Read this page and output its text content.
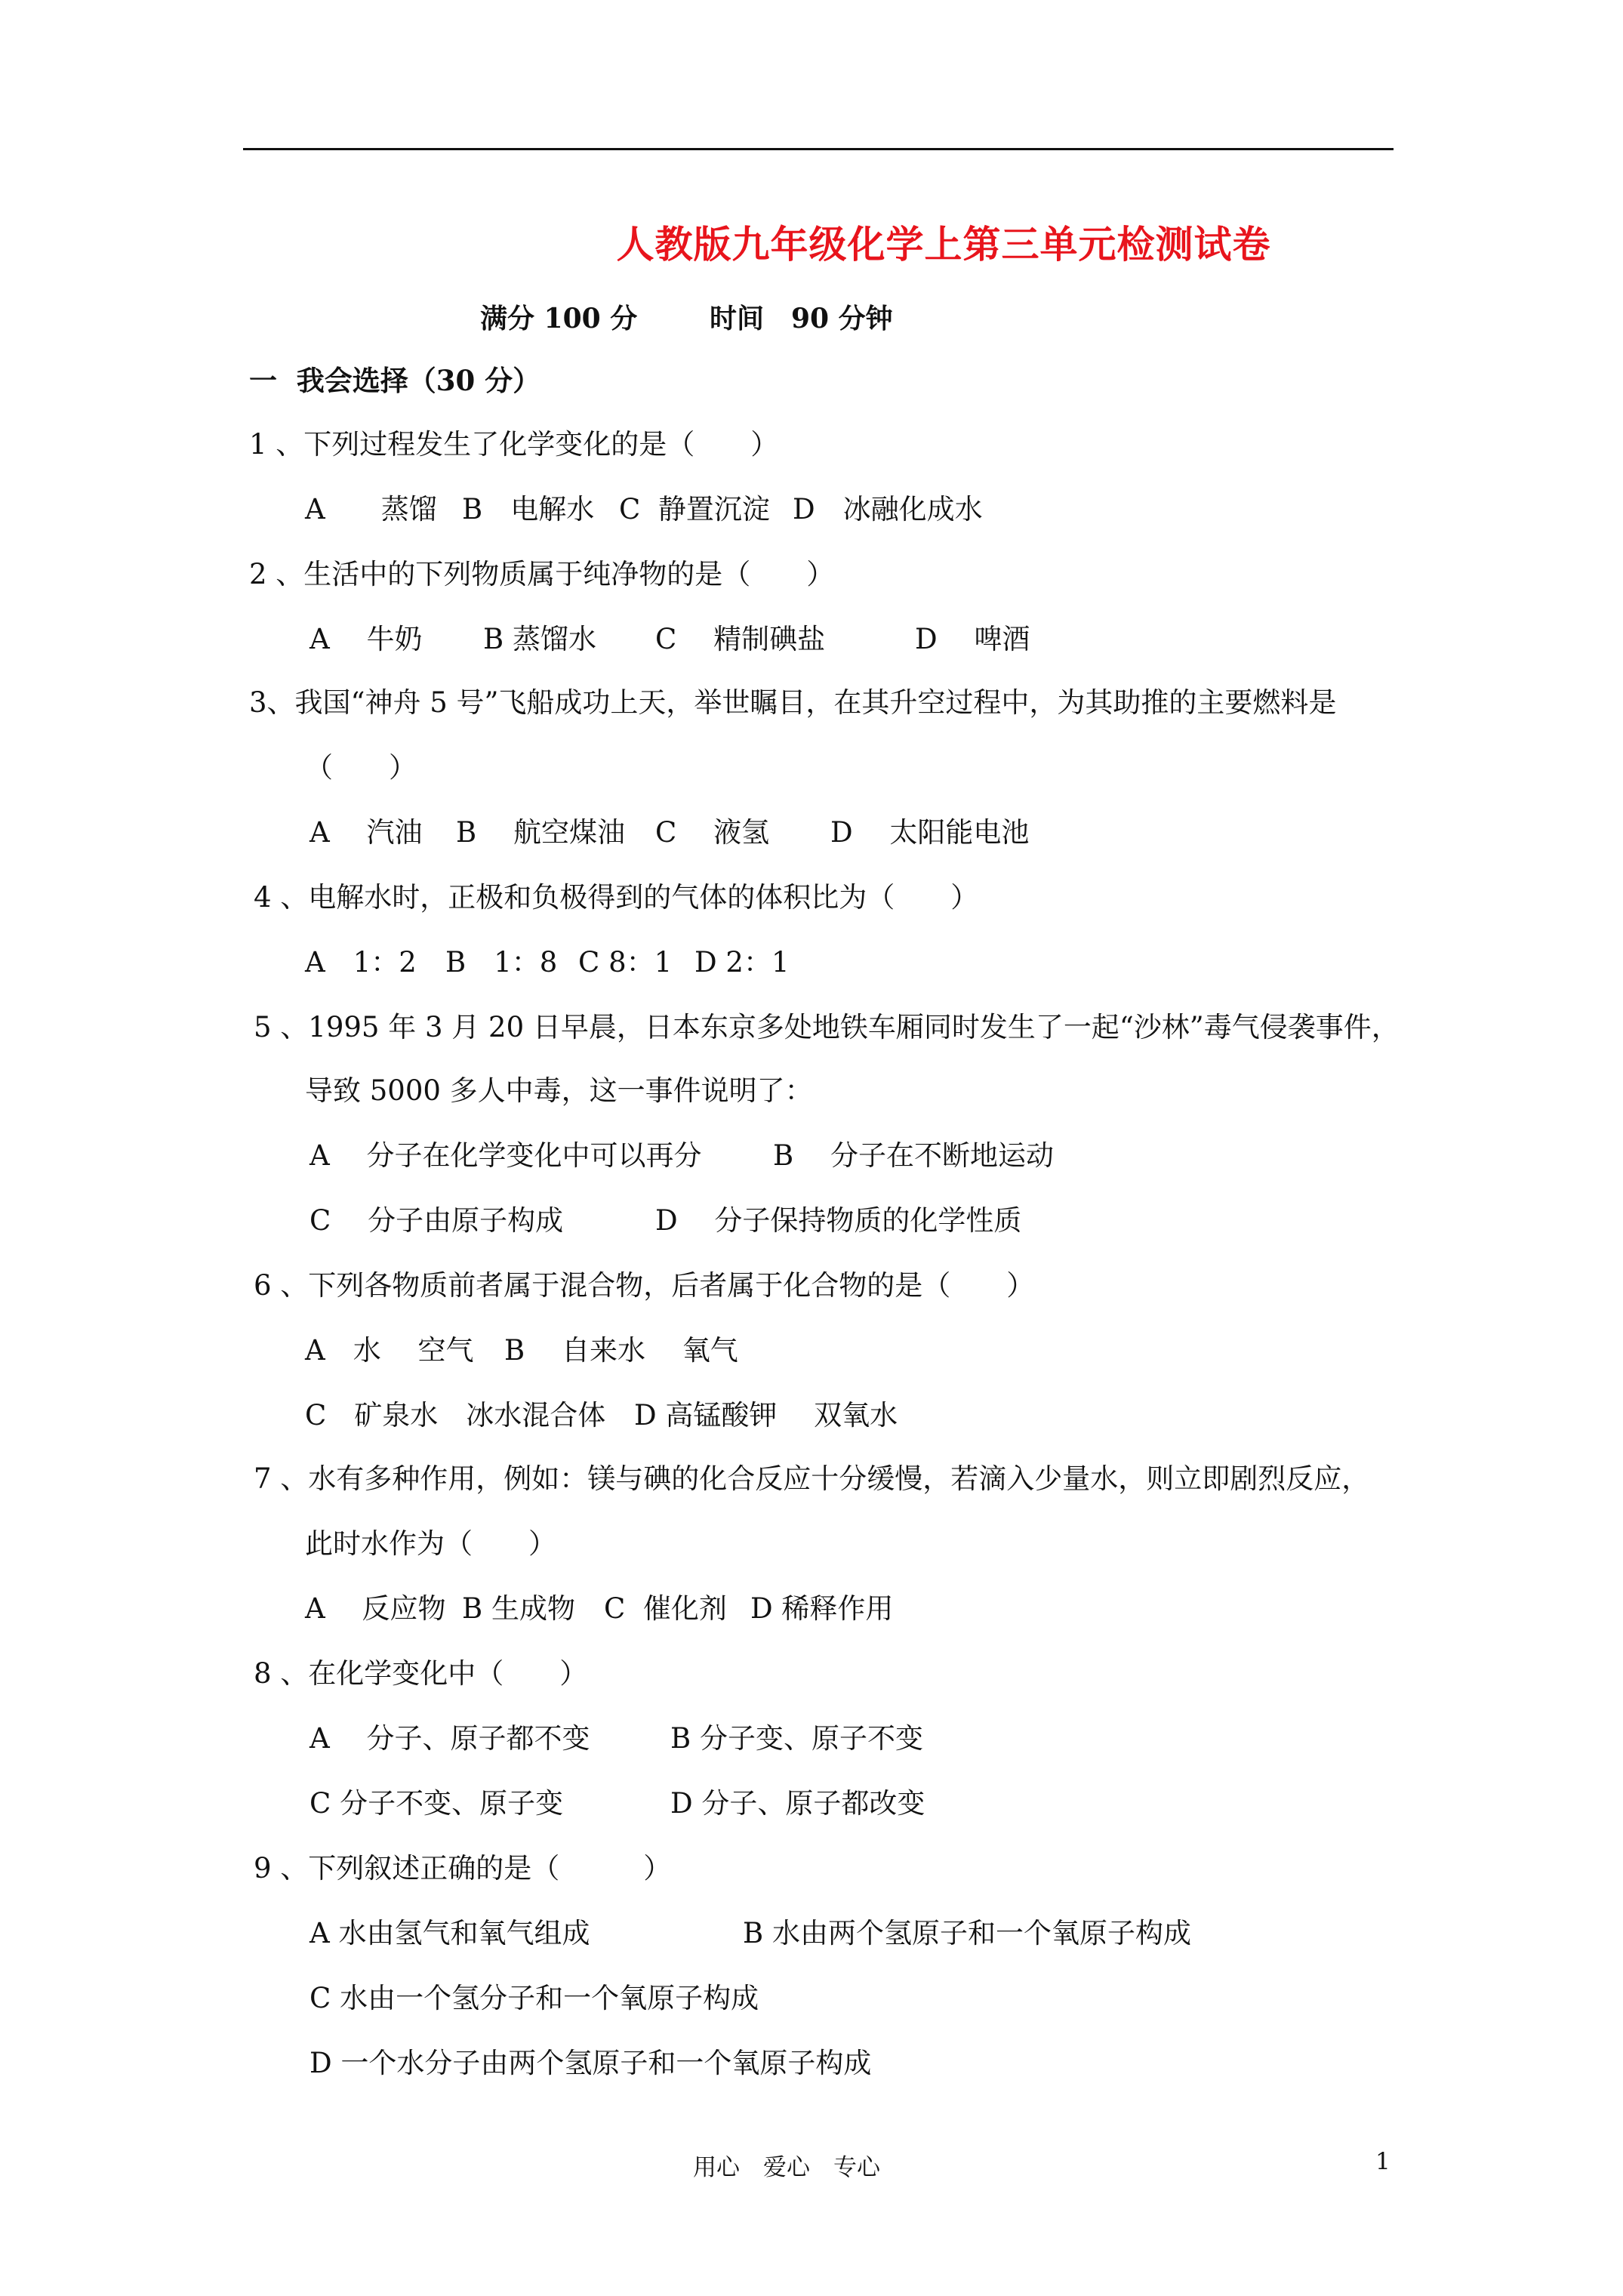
人教版九年级化学上第三单元检测试卷
满分 100 分	时间　90 分钟
一  我会选择（30 分）
1 、下列过程发生了化学变化的是（　　）
A　　蒸馏 B　电解水 C  静置沉淀 D　冰融化成水
2 、生活中的下列物质属于纯净物的是（　　）
A　 牛奶 B 蒸馏水 C　 精制碘盐	D　 啤酒
3、我国“神舟 5 号”飞船成功上天，举世瞩目，在其升空过程中，为其助推的主要燃料是
（　　）
A　 汽油 B　 航空煤油 C　 液氢 D　 太阳能电池
4 、电解水时，正极和负极得到的气体的体积比为（　　）
A　1：2 B　1：8 C 8：1 D 2：1
5 、1995 年 3 月 20 日早晨，日本东京多处地铁车厢同时发生了一起“沙林”毒气侵袭事件，
导致 5000 多人中毒，这一事件说明了：
A　 分子在化学变化中可以再分	B　 分子在不断地运动
C　 分子由原子构成	D　 分子保持物质的化学性质
6 、下列各物质前者属于混合物，后者属于化合物的是（　　）
A　水　 空气 B　 自来水　 氧气
C　矿泉水　冰水混合体 D 高锰酸钾　 双氧水
7 、水有多种作用，例如：镁与碘的化合反应十分缓慢，若滴入少量水，则立即剧烈反应，
此时水作为（　　）
A　 反应物 B 生成物 C  催化剂 D 稀释作用
8 、在化学变化中（　　）
A　 分子、原子都不变	B 分子变、原子不变
C 分子不变、原子变	D 分子、原子都改变
9 、下列叙述正确的是（　　　）
A 水由氢气和氧气组成	B 水由两个氢原子和一个氧原子构成
C 水由一个氢分子和一个氧原子构成
D 一个水分子由两个氢原子和一个氧原子构成
用心　爱心　专心	1
